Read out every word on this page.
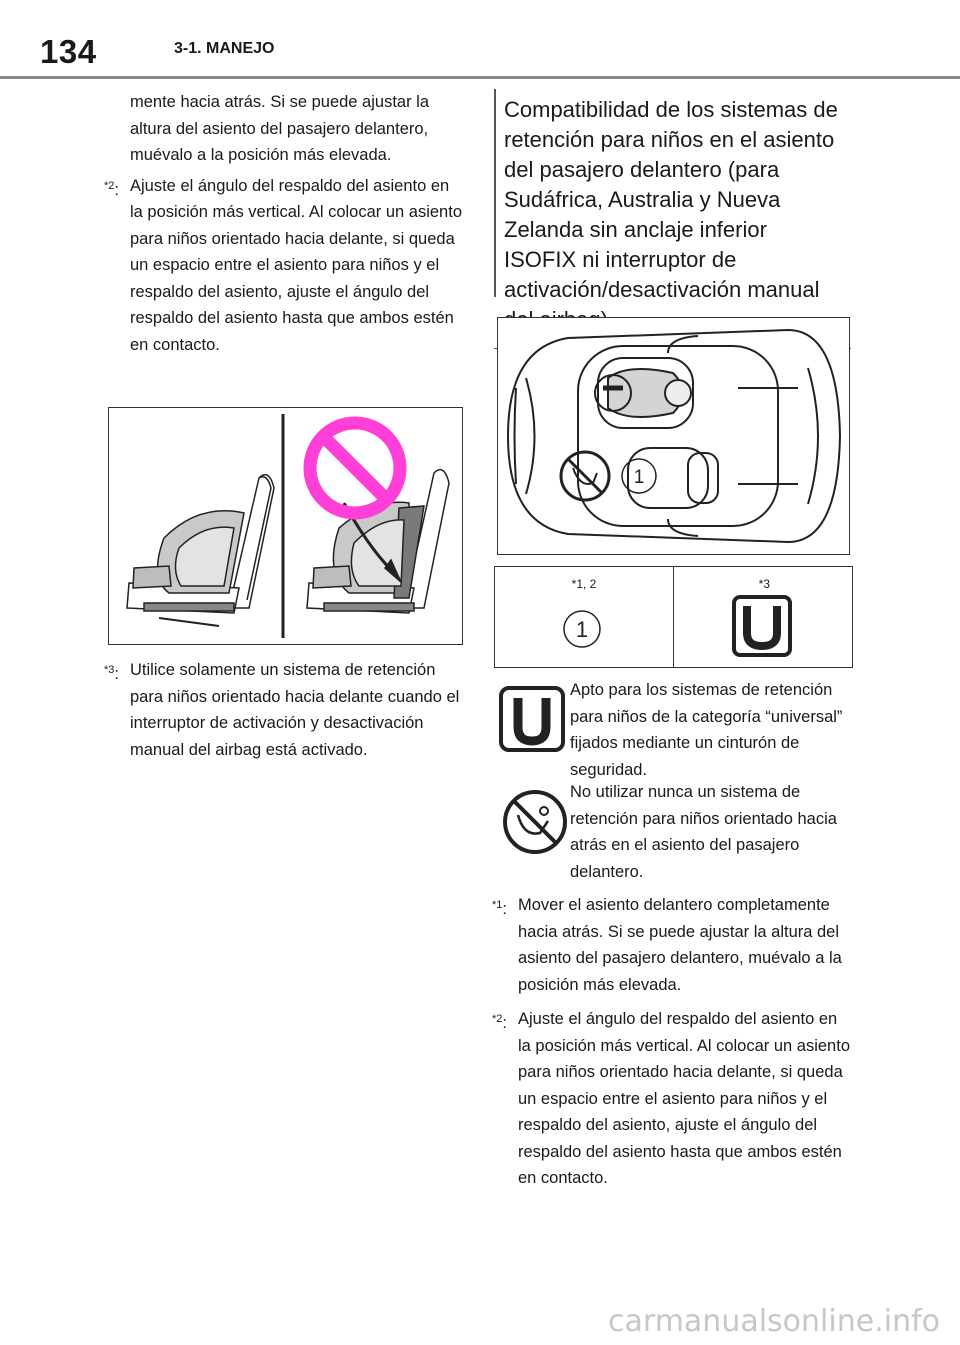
134	3-1. MANEJO

mente hacia atrás. Si se puede ajustar la altura del asiento del pasajero delantero, muévalo a la posición más elevada.

$^{*2}$: Ajuste el ángulo del respaldo del asiento en la posición más vertical. Al colocar un asiento para niños orientado hacia delante, si queda un espacio entre el asiento para niños y el respaldo del asiento, ajuste el ángulo del respaldo del asiento hasta que ambos estén en contacto.

$^{*3}$: Utilice solamente un sistema de retención para niños orientado hacia delante cuando el interruptor de activación y desactivación manual del airbag está activado.

Compatibilidad de los sistemas de retención para niños en el asiento del pasajero delantero (para Sudáfrica, Australia y Nueva Zelanda sin anclaje inferior ISOFIX ni interruptor de activación/desactivación manual
1
*1, 2
1
*3

Apto para los sistemas de retención para niños de la categoría “universal” fijados mediante un cinturón de seguridad.

No utilizar nunca un sistema de retención para niños orientado hacia atrás en el asiento del pasajero delantero.

$^{*1}$: Mover el asiento delantero completamente hacia atrás. Si se puede ajustar la altura del asiento del pasajero delantero, muévalo a la posición más elevada.

$^{*2}$: Ajuste el ángulo del respaldo del asiento en la posición más vertical. Al colocar un asiento para niños orientado hacia delante, si queda un espacio entre el asiento para niños y el respaldo del asiento, ajuste el ángulo del respaldo del asiento hasta que ambos estén en contacto.

carmanualsonline.info
